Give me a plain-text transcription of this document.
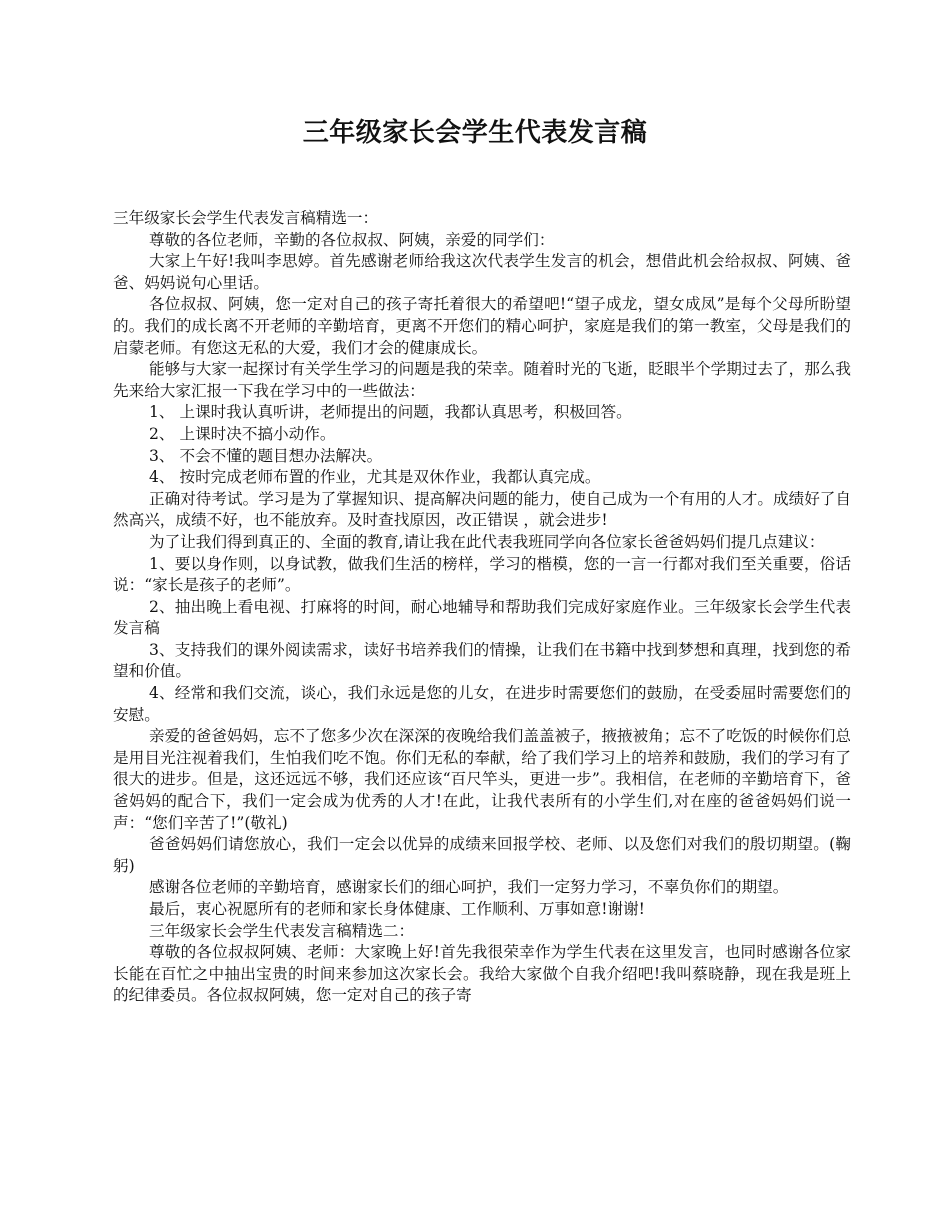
三年级家长会学生代表发言稿

三年级家长会学生代表发言稿精选一：

尊敬的各位老师，辛勤的各位叔叔、阿姨，亲爱的同学们：

大家上午好!我叫李思婷。首先感谢老师给我这次代表学生发言的机会，想借此机会给叔叔、阿姨、爸爸、妈妈说句心里话。

各位叔叔、阿姨，您一定对自己的孩子寄托着很大的希望吧!“望子成龙，望女成凤”是每个父母所盼望的。我们的成长离不开老师的辛勤培育，更离不开您们的精心呵护，家庭是我们的第一教室，父母是我们的启蒙老师。有您这无私的大爱，我们才会的健康成长。

能够与大家一起探讨有关学生学习的问题是我的荣幸。随着时光的飞逝，眨眼半个学期过去了，那么我先来给大家汇报一下我在学习中的一些做法：

1、 上课时我认真听讲，老师提出的问题，我都认真思考，积极回答。

2、 上课时决不搞小动作。

3、 不会不懂的题目想办法解决。

4、 按时完成老师布置的作业，尤其是双休作业，我都认真完成。

正确对待考试。学习是为了掌握知识、提高解决问题的能力，使自己成为一个有用的人才。成绩好了自然高兴，成绩不好，也不能放弃。及时查找原因，改正错误 ，就会进步!

为了让我们得到真正的、全面的教育,请让我在此代表我班同学向各位家长爸爸妈妈们提几点建议：

1、要以身作则，以身试教，做我们生活的榜样，学习的楷模，您的一言一行都对我们至关重要，俗话说：“家长是孩子的老师”。

2、抽出晚上看电视、打麻将的时间，耐心地辅导和帮助我们完成好家庭作业。三年级家长会学生代表发言稿

3、支持我们的课外阅读需求，读好书培养我们的情操，让我们在书籍中找到梦想和真理，找到您的希望和价值。

4、经常和我们交流，谈心，我们永远是您的儿女，在进步时需要您们的鼓励，在受委屈时需要您们的安慰。

亲爱的爸爸妈妈，忘不了您多少次在深深的夜晚给我们盖盖被子，掖掖被角；忘不了吃饭的时候你们总是用目光注视着我们，生怕我们吃不饱。你们无私的奉献，给了我们学习上的培养和鼓励，我们的学习有了很大的进步。但是，这还远远不够，我们还应该“百尺竿头，更进一步”。我相信，在老师的辛勤培育下，爸爸妈妈的配合下，我们一定会成为优秀的人才!在此，让我代表所有的小学生们,对在座的爸爸妈妈们说一声：“您们辛苦了!”(敬礼)

爸爸妈妈们请您放心，我们一定会以优异的成绩来回报学校、老师、以及您们对我们的殷切期望。(鞠躬)

感谢各位老师的辛勤培育，感谢家长们的细心呵护，我们一定努力学习，不辜负你们的期望。

最后，衷心祝愿所有的老师和家长身体健康、工作顺利、万事如意!谢谢!

三年级家长会学生代表发言稿精选二：

尊敬的各位叔叔阿姨、老师：大家晚上好!首先我很荣幸作为学生代表在这里发言，也同时感谢各位家长能在百忙之中抽出宝贵的时间来参加这次家长会。我给大家做个自我介绍吧!我叫蔡晓静，现在我是班上的纪律委员。各位叔叔阿姨，您一定对自己的孩子寄
